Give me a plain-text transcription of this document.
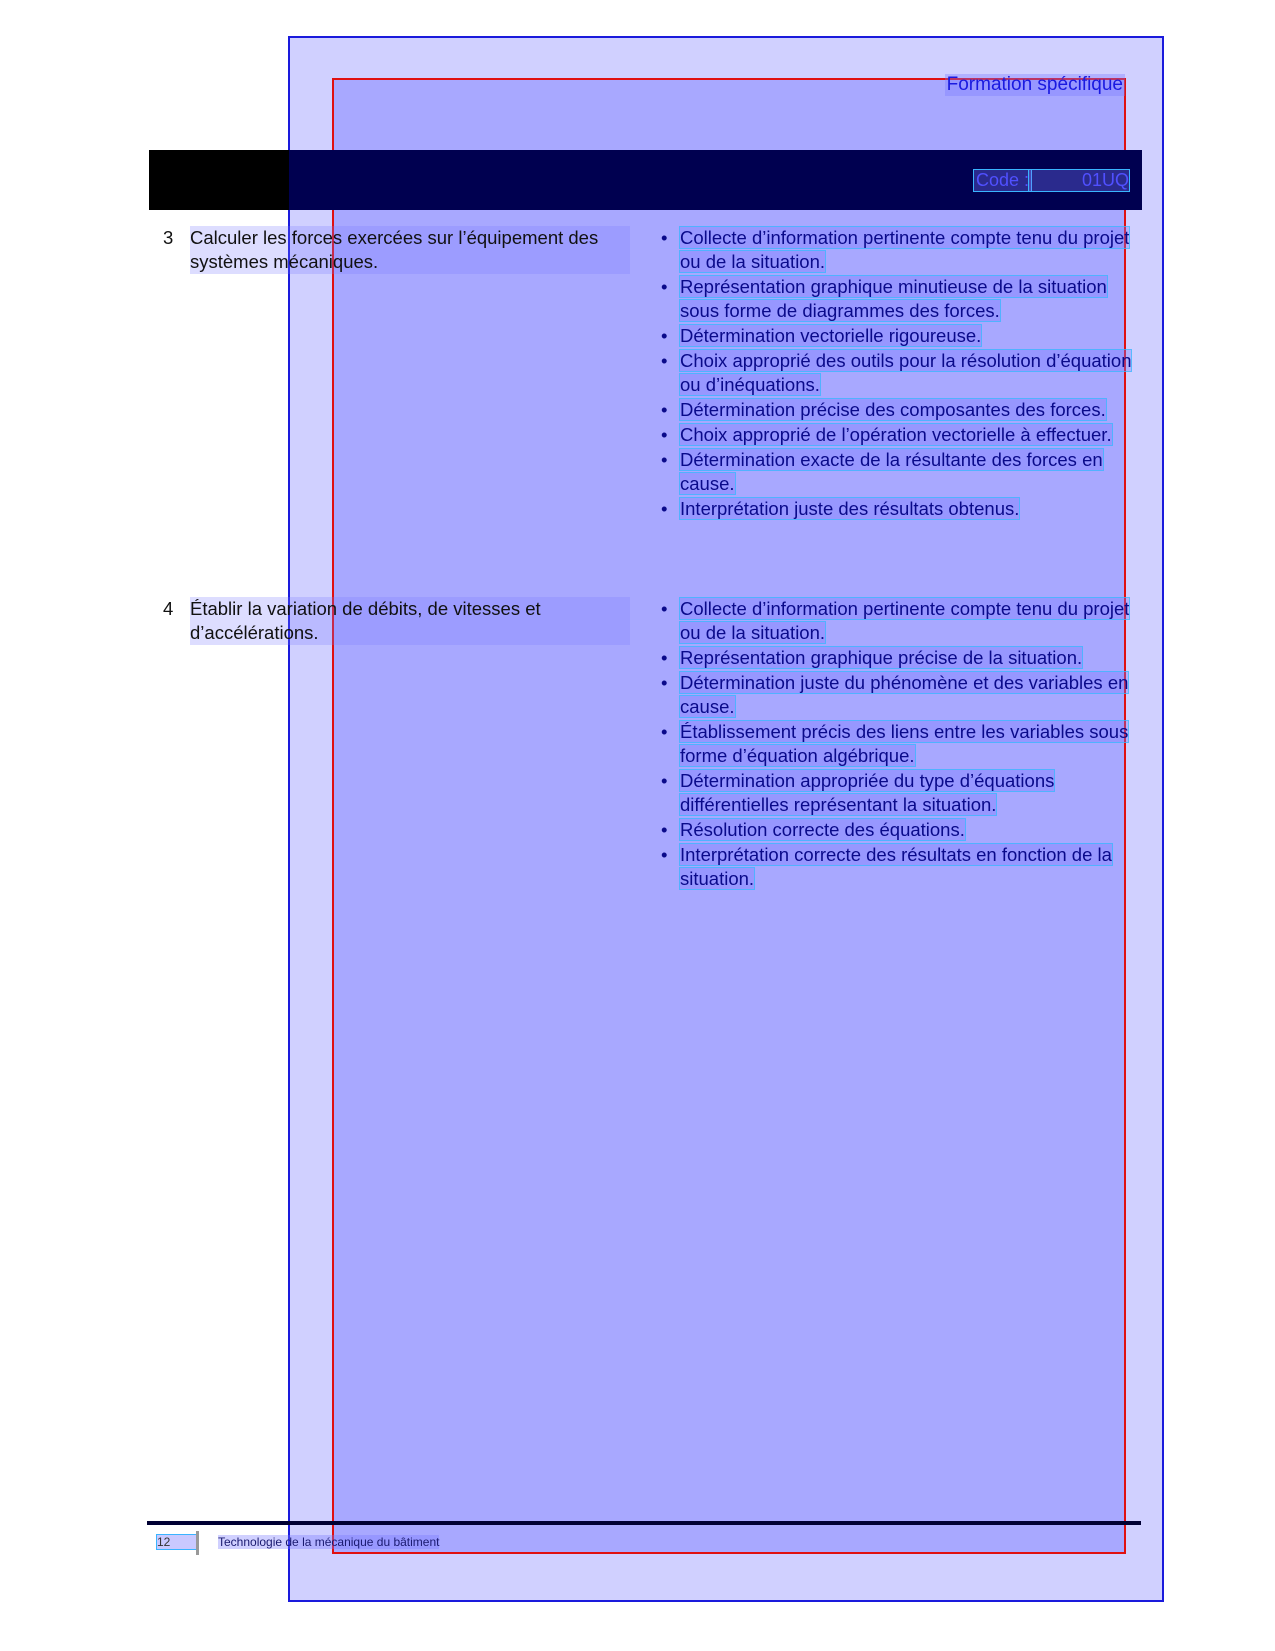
Formation spécifique
Code :	01UQ
3 Calculer les forces exercées sur l’équipement des systèmes mécaniques.
• Collecte d’information pertinente compte tenu du projet ou de la situation.
• Représentation graphique minutieuse de la situation sous forme de diagrammes des forces.
• Détermination vectorielle rigoureuse.
• Choix approprié des outils pour la résolution d’équation ou d’inéquations.
• Détermination précise des composantes des forces.
• Choix approprié de l’opération vectorielle à effectuer.
• Détermination exacte de la résultante des forces en cause.
• Interprétation juste des résultats obtenus.
4 Établir la variation de débits, de vitesses et d’accélérations.
• Collecte d’information pertinente compte tenu du projet ou de la situation.
• Représentation graphique précise de la situation.
• Détermination juste du phénomène et des variables en cause.
• Établissement précis des liens entre les variables sous forme d’équation algébrique.
• Détermination appropriée du type d’équations différentielles représentant la situation.
• Résolution correcte des équations.
• Interprétation correcte des résultats en fonction de la situation.
12	Technologie de la mécanique du bâtiment
